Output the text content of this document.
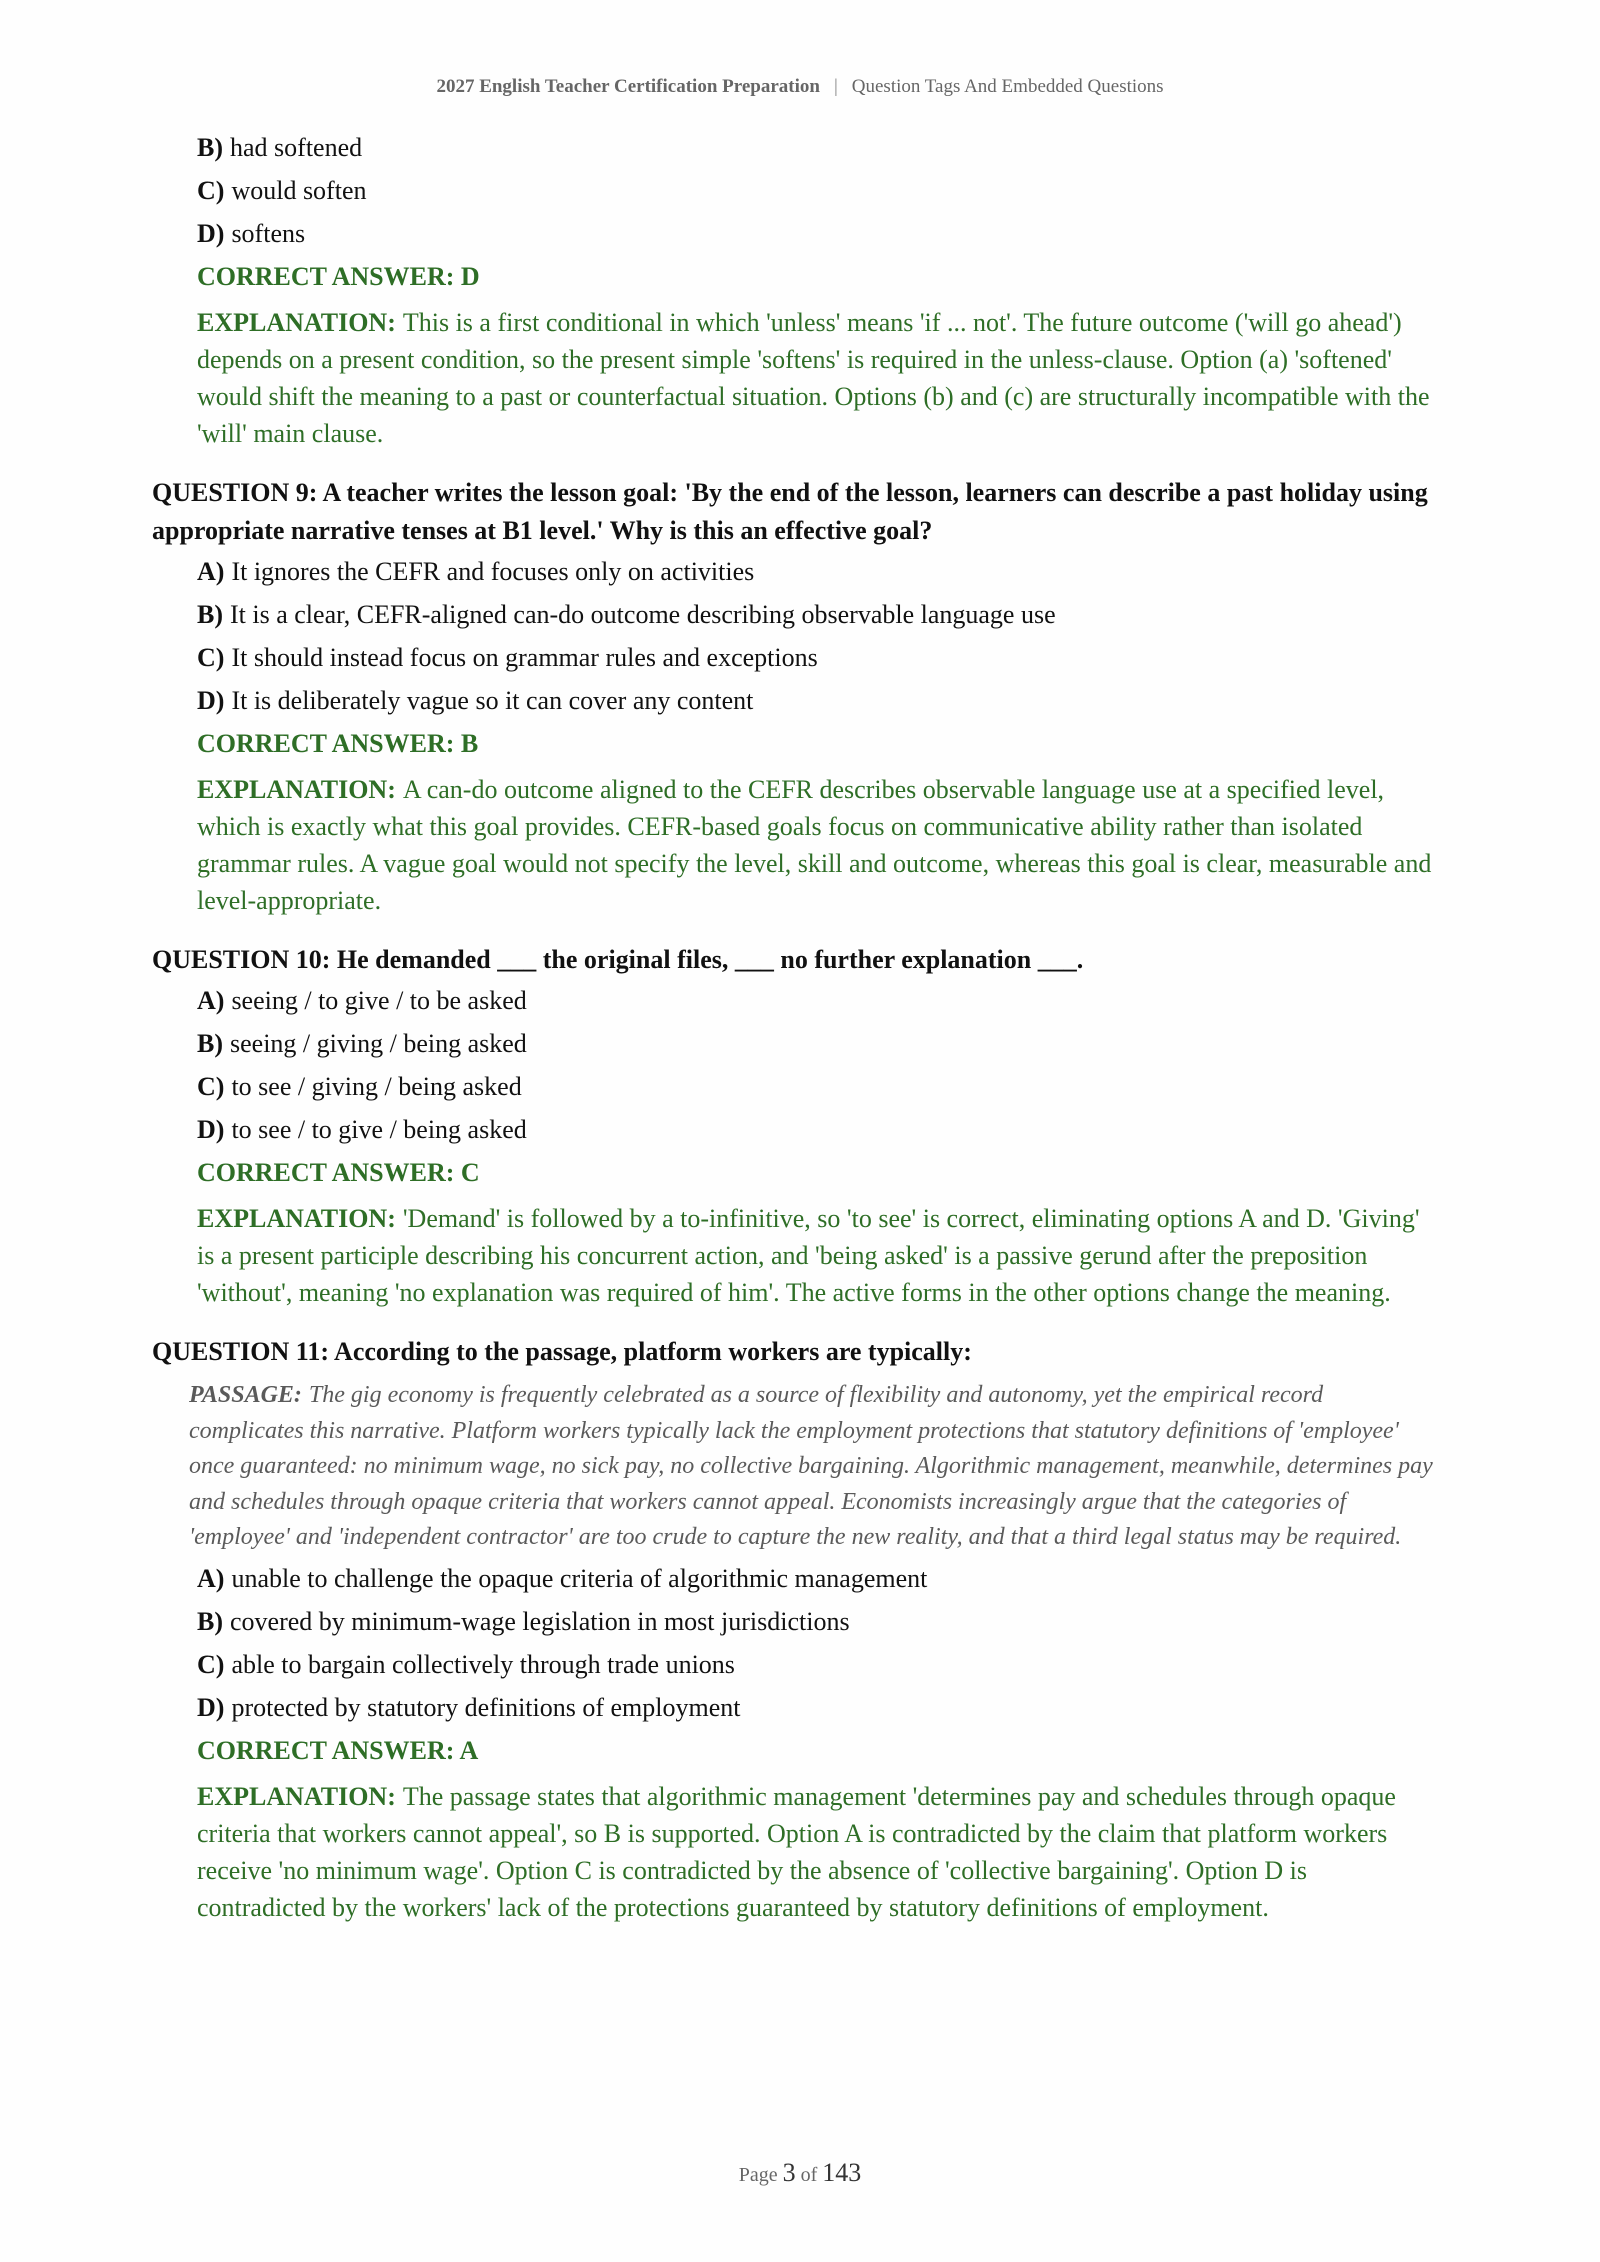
2027 English Teacher Certification Preparation | Question Tags And Embedded Questions
B) had softened
C) would soften
D) softens
CORRECT ANSWER: D
EXPLANATION: This is a first conditional in which 'unless' means 'if ... not'. The future outcome ('will go ahead') depends on a present condition, so the present simple 'softens' is required in the unless-clause. Option (a) 'softened' would shift the meaning to a past or counterfactual situation. Options (b) and (c) are structurally incompatible with the 'will' main clause.
QUESTION 9: A teacher writes the lesson goal: 'By the end of the lesson, learners can describe a past holiday using appropriate narrative tenses at B1 level.' Why is this an effective goal?
A) It ignores the CEFR and focuses only on activities
B) It is a clear, CEFR-aligned can-do outcome describing observable language use
C) It should instead focus on grammar rules and exceptions
D) It is deliberately vague so it can cover any content
CORRECT ANSWER: B
EXPLANATION: A can-do outcome aligned to the CEFR describes observable language use at a specified level, which is exactly what this goal provides. CEFR-based goals focus on communicative ability rather than isolated grammar rules. A vague goal would not specify the level, skill and outcome, whereas this goal is clear, measurable and level-appropriate.
QUESTION 10: He demanded ___ the original files, ___ no further explanation ___.
A) seeing / to give / to be asked
B) seeing / giving / being asked
C) to see / giving / being asked
D) to see / to give / being asked
CORRECT ANSWER: C
EXPLANATION: 'Demand' is followed by a to-infinitive, so 'to see' is correct, eliminating options A and D. 'Giving' is a present participle describing his concurrent action, and 'being asked' is a passive gerund after the preposition 'without', meaning 'no explanation was required of him'. The active forms in the other options change the meaning.
QUESTION 11: According to the passage, platform workers are typically:
PASSAGE: The gig economy is frequently celebrated as a source of flexibility and autonomy, yet the empirical record complicates this narrative. Platform workers typically lack the employment protections that statutory definitions of 'employee' once guaranteed: no minimum wage, no sick pay, no collective bargaining. Algorithmic management, meanwhile, determines pay and schedules through opaque criteria that workers cannot appeal. Economists increasingly argue that the categories of 'employee' and 'independent contractor' are too crude to capture the new reality, and that a third legal status may be required.
A) unable to challenge the opaque criteria of algorithmic management
B) covered by minimum-wage legislation in most jurisdictions
C) able to bargain collectively through trade unions
D) protected by statutory definitions of employment
CORRECT ANSWER: A
EXPLANATION: The passage states that algorithmic management 'determines pay and schedules through opaque criteria that workers cannot appeal', so B is supported. Option A is contradicted by the claim that platform workers receive 'no minimum wage'. Option C is contradicted by the absence of 'collective bargaining'. Option D is contradicted by the workers' lack of the protections guaranteed by statutory definitions of employment.
Page 3 of 143
